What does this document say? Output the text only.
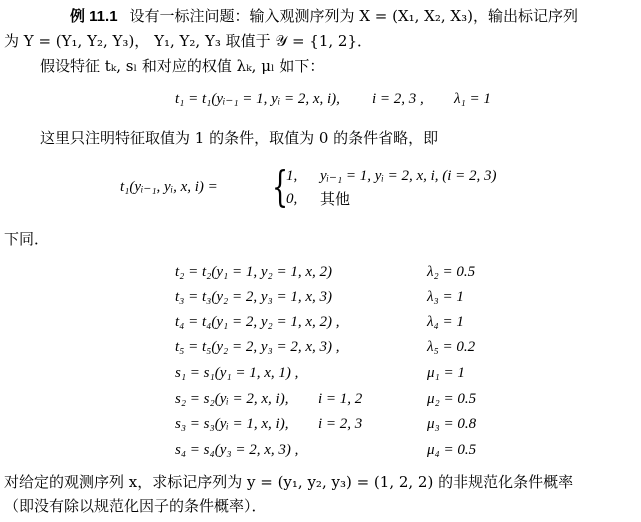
例 11.1 设有一标注问题：输入观测序列为 X = (X₁, X₂, X₃)，输出标记序列
为 Y = (Y₁, Y₂, Y₃)， Y₁, Y₂, Y₃ 取值于 𝒴 = {1, 2}．
假设特征 tₖ, sₗ 和对应的权值 λₖ, μₗ 如下：
t₁ = t₁(yᵢ₋₁ = 1, yᵢ = 2, x, i), i = 2, 3 , λ₁ = 1
这里只注明特征取值为 1 的条件，取值为 0 的条件省略，即
t₁(yᵢ₋₁, yᵢ, x, i) = {
1, yᵢ₋₁ = 1, yᵢ = 2, x, i, (i = 2, 3)
0, 其他
下同．
t₂ = t₂(y₁ = 1, y₂ = 1, x, 2)	λ₂ = 0.5
t₃ = t₃(y₂ = 2, y₃ = 1, x, 3)	λ₃ = 1
t₄ = t₄(y₁ = 2, y₂ = 1, x, 2) ,	λ₄ = 1
t₅ = t₅(y₂ = 2, y₃ = 2, x, 3) ,	λ₅ = 0.2
s₁ = s₁(y₁ = 1, x, 1) ,	μ₁ = 1
s₂ = s₂(yᵢ = 2, x, i), i = 1, 2	μ₂ = 0.5
s₃ = s₃(yᵢ = 1, x, i), i = 2, 3	μ₃ = 0.8
s₄ = s₄(y₃ = 2, x, 3) ,	μ₄ = 0.5
对给定的观测序列 x，求标记序列为 y = (y₁, y₂, y₃) = (1, 2, 2) 的非规范化条件概率
（即没有除以规范化因子的条件概率）．
